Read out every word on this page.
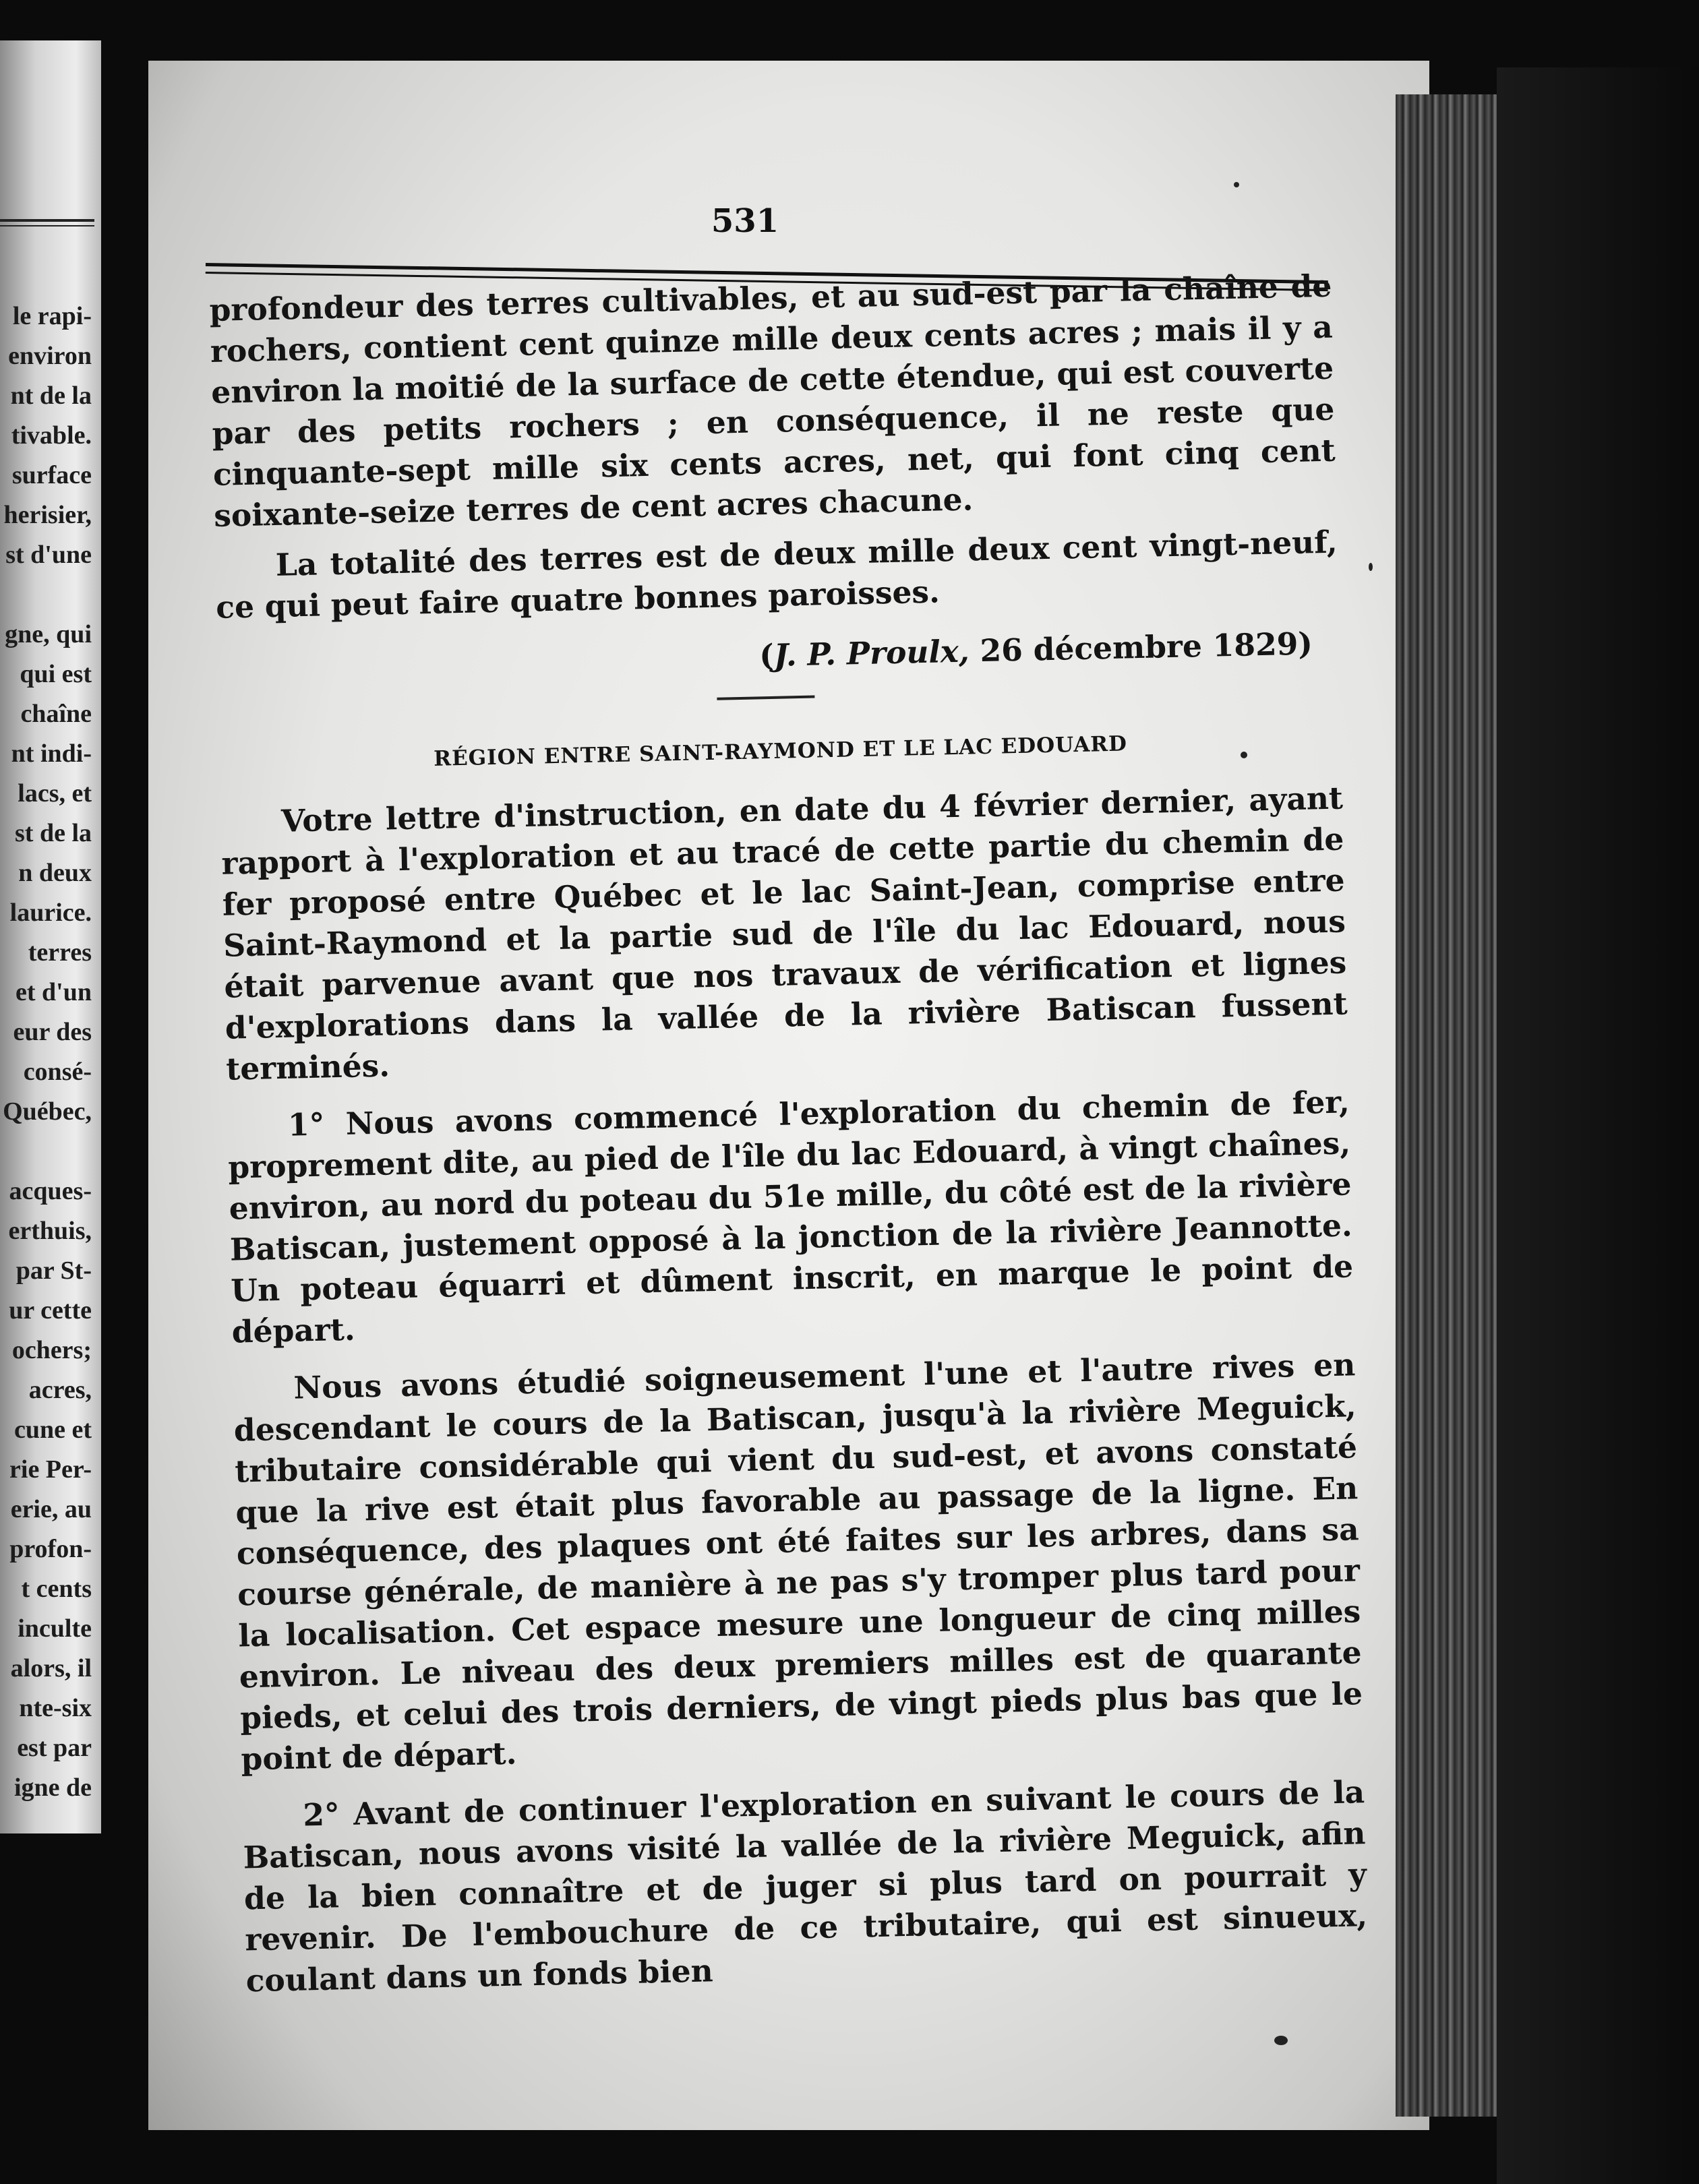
le rapi-
environ
nt de la
tivable.
surface
herisier,
st d'une

gne, qui
qui est
chaîne
nt indi-
lacs, et
st de la
n deux
laurice.
terres
et d'un
eur des
consé-
Québec,

acques-
erthuis,
par St-
ur cette
ochers;
acres,
cune et
rie Per-
erie, au
profon-
t cents
inculte
alors, il
nte-six
est par
igne de
531

profondeur des terres cultivables, et au sud-est par la chaîne de rochers, contient cent quinze mille deux cents acres ; mais il y a environ la moitié de la surface de cette étendue, qui est couverte par des petits rochers ; en conséquence, il ne reste que cinquante-sept mille six cents acres, net, qui font cinq cent soixante-seize terres de cent acres chacune.

La totalité des terres est de deux mille deux cent vingt-neuf, ce qui peut faire quatre bonnes paroisses.

(J. P. Proulx, 26 décembre 1829)
RÉGION ENTRE SAINT-RAYMOND ET LE LAC EDOUARD

Votre lettre d'instruction, en date du 4 février dernier, ayant rapport à l'exploration et au tracé de cette partie du chemin de fer proposé entre Québec et le lac Saint-Jean, comprise entre Saint-Raymond et la partie sud de l'île du lac Edouard, nous était parvenue avant que nos travaux de vérification et lignes d'explorations dans la vallée de la rivière Batiscan fussent terminés.

1° Nous avons commencé l'exploration du chemin de fer, proprement dite, au pied de l'île du lac Edouard, à vingt chaînes, environ, au nord du poteau du 51e mille, du côté est de la rivière Batiscan, justement opposé à la jonction de la rivière Jeannotte. Un poteau équarri et dûment inscrit, en marque le point de départ.

Nous avons étudié soigneusement l'une et l'autre rives en descendant le cours de la Batiscan, jusqu'à la rivière Meguick, tributaire considérable qui vient du sud-est, et avons constaté que la rive est était plus favorable au passage de la ligne. En conséquence, des plaques ont été faites sur les arbres, dans sa course générale, de manière à ne pas s'y tromper plus tard pour la localisation. Cet espace mesure une longueur de cinq milles environ. Le niveau des deux premiers milles est de quarante pieds, et celui des trois derniers, de vingt pieds plus bas que le point de départ.

2° Avant de continuer l'exploration en suivant le cours de la Batiscan, nous avons visité la vallée de la rivière Meguick, afin de la bien connaître et de juger si plus tard on pourrait y revenir. De l'embouchure de ce tributaire, qui est sinueux, coulant dans un fonds bien
